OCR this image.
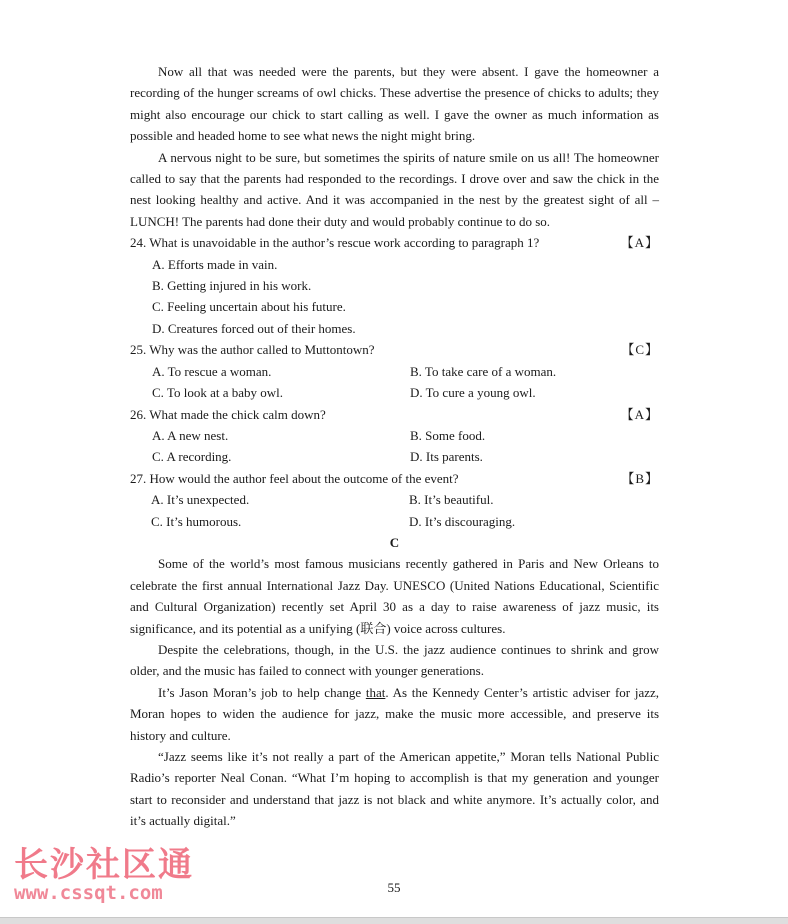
Now all that was needed were the parents, but they were absent. I gave the homeowner a recording of the hunger screams of owl chicks. These advertise the presence of chicks to adults; they might also encourage our chick to start calling as well. I gave the owner as much information as possible and headed home to see what news the night might bring.

A nervous night to be sure, but sometimes the spirits of nature smile on us all! The homeowner called to say that the parents had responded to the recordings. I drove over and saw the chick in the nest looking healthy and active. And it was accompanied in the nest by the greatest sight of all – LUNCH! The parents had done their duty and would probably continue to do so.

24. What is unavoidable in the author’s rescue work according to paragraph 1?	【A】
A. Efforts made in vain.
B. Getting injured in his work.
C. Feeling uncertain about his future.
D. Creatures forced out of their homes.
25. Why was the author called to Muttontown?	【C】
A. To rescue a woman.	B. To take care of a woman.
C. To look at a baby owl.	D. To cure a young owl.
26. What made the chick calm down?	【A】
A. A new nest.	B. Some food.
C. A recording.	D. Its parents.
27. How would the author feel about the outcome of the event?	【B】
A. It’s unexpected.	B. It’s beautiful.
C. It’s humorous.	D. It’s discouraging.
C

Some of the world’s most famous musicians recently gathered in Paris and New Orleans to celebrate the first annual International Jazz Day. UNESCO (United Nations Educational, Scientific and Cultural Organization) recently set April 30 as a day to raise awareness of jazz music, its significance, and its potential as a unifying (联合) voice across cultures.

Despite the celebrations, though, in the U.S. the jazz audience continues to shrink and grow older, and the music has failed to connect with younger generations.

It’s Jason Moran’s job to help change that. As the Kennedy Center’s artistic adviser for jazz, Moran hopes to widen the audience for jazz, make the music more accessible, and preserve its history and culture.

“Jazz seems like it’s not really a part of the American appetite,” Moran tells National Public Radio’s reporter Neal Conan. “What I’m hoping to accomplish is that my generation and younger start to reconsider and understand that jazz is not black and white anymore. It’s actually color, and it’s actually digital.”

长沙社区通
www.cssqt.com	55
